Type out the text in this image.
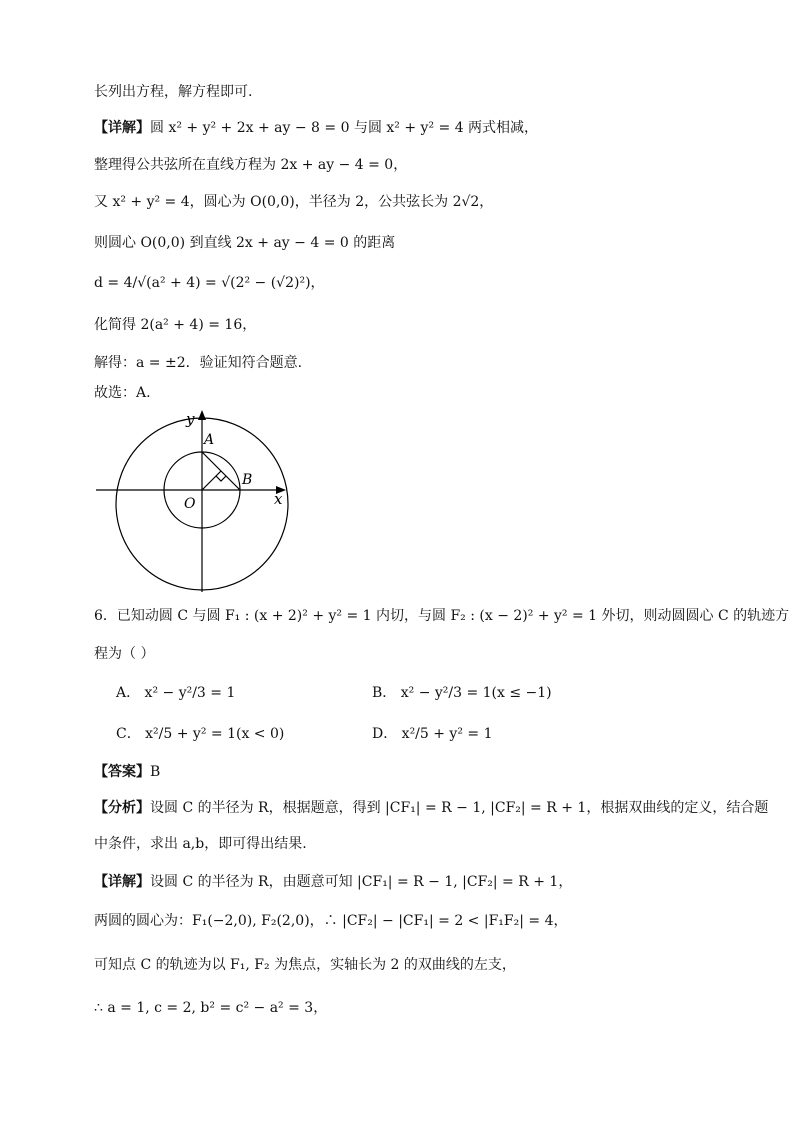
长列出方程，解方程即可.
【详解】圆 x² + y² + 2x + ay − 8 = 0 与圆 x² + y² = 4 两式相减，
整理得公共弦所在直线方程为 2x + ay − 4 = 0，
又 x² + y² = 4，圆心为 O(0,0)，半径为 2，公共弦长为 2√2，
则圆心 O(0,0) 到直线 2x + ay − 4 = 0 的距离
d = 4/√(a² + 4) = √(2² − (√2)²)，
化简得 2(a² + 4) = 16，
解得：a = ±2．验证知符合题意.
故选：A.
y
x
O
A
B
6．已知动圆 C 与圆 F₁ : (x + 2)² + y² = 1 内切，与圆 F₂ : (x − 2)² + y² = 1 外切，则动圆圆心 C 的轨迹方
程为（ ）
A． x² − y²/3 = 1	B． x² − y²/3 = 1(x ≤ −1)
C． x²/5 + y² = 1(x < 0)	D． x²/5 + y² = 1
【答案】B
【分析】设圆 C 的半径为 R，根据题意，得到 |CF₁| = R − 1, |CF₂| = R + 1，根据双曲线的定义，结合题
中条件，求出 a,b，即可得出结果.
【详解】设圆 C 的半径为 R，由题意可知 |CF₁| = R − 1, |CF₂| = R + 1，
两圆的圆心为：F₁(−2,0), F₂(2,0)，∴ |CF₂| − |CF₁| = 2 < |F₁F₂| = 4，
可知点 C 的轨迹为以 F₁, F₂ 为焦点，实轴长为 2 的双曲线的左支，
∴ a = 1, c = 2, b² = c² − a² = 3，
